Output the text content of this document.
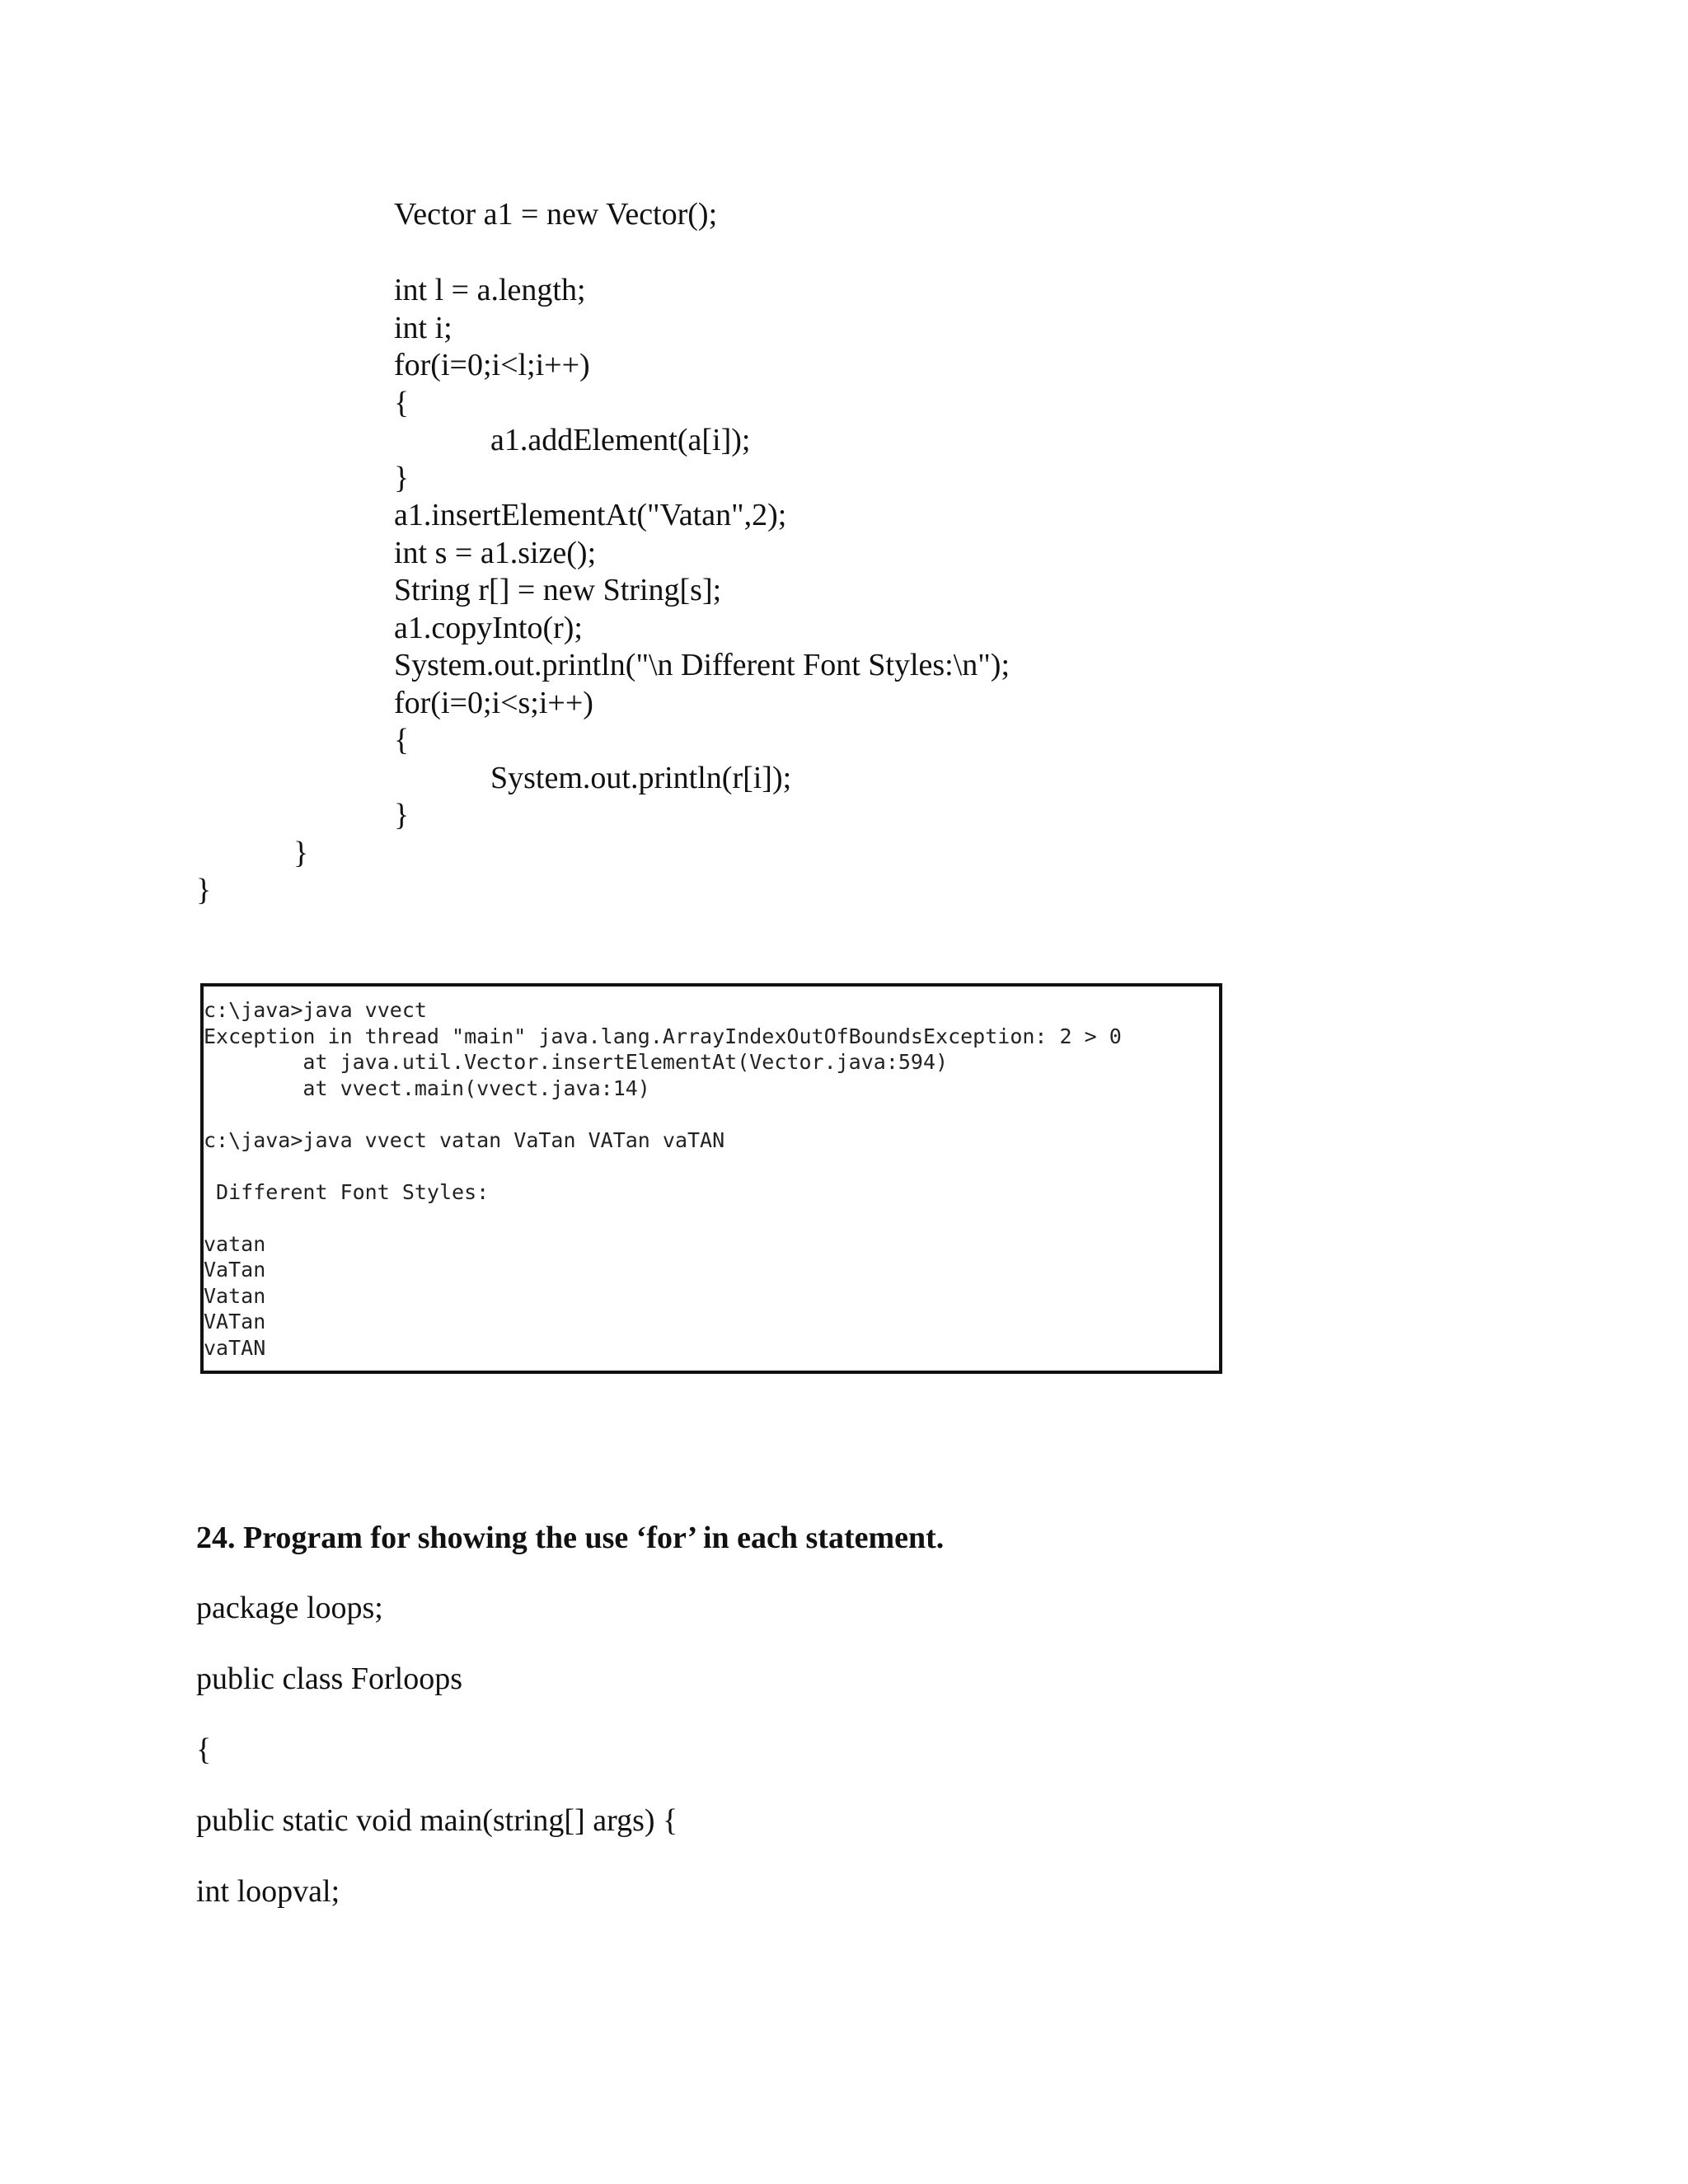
Vector a1 = new Vector();
int l = a.length;
int i;
for(i=0;i<l;i++)
{
a1.addElement(a[i]);
}
a1.insertElementAt("Vatan",2);
int s = a1.size();
String r[] = new String[s];
a1.copyInto(r);
System.out.println("\n Different Font Styles:\n");
for(i=0;i<s;i++)
{
System.out.println(r[i]);
}
}
}
c:\java>java vvect
Exception in thread "main" java.lang.ArrayIndexOutOfBoundsException: 2 > 0
at java.util.Vector.insertElementAt(Vector.java:594)
at vvect.main(vvect.java:14)
c:\java>java vvect vatan VaTan VATan vaTAN
Different Font Styles:
vatan
VaTan
Vatan
VATan
vaTAN
24. Program for showing the use ‘for’ in each statement.
package loops;
public class Forloops
{
public static void main(string[] args) {
int loopval;
